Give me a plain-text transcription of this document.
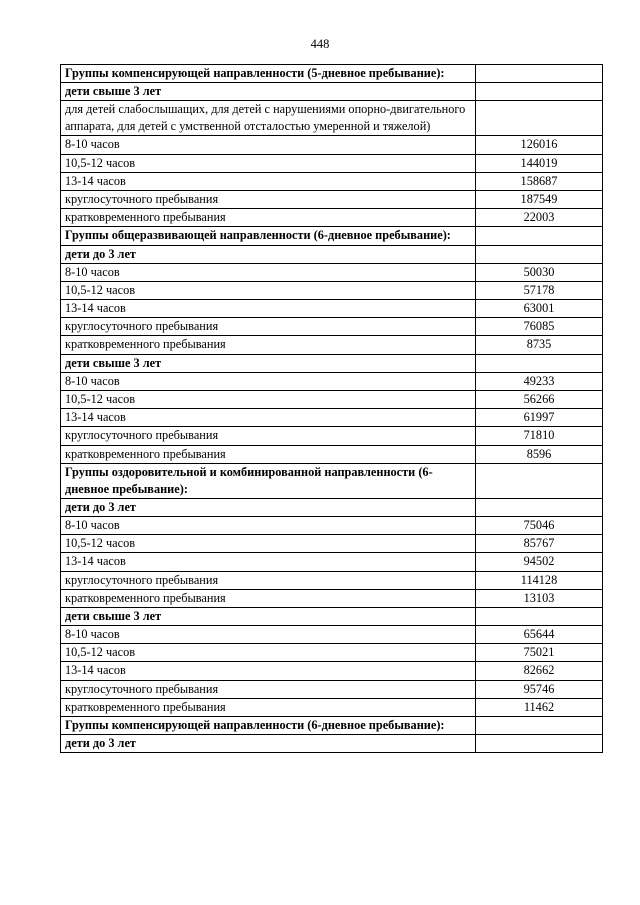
448
Группы компенсирующей направленности (5-дневное пребывание):	
дети свыше 3 лет	
для детей слабослышащих, для детей с нарушениями опорно-двигательного аппарата, для детей с умственной отсталостью умеренной и тяжелой)	
8-10 часов	126016
10,5-12 часов	144019
13-14 часов	158687
круглосуточного пребывания	187549
кратковременного пребывания	22003
Группы общеразвивающей направленности (6-дневное пребывание):	
дети до 3 лет	
8-10 часов	50030
10,5-12 часов	57178
13-14 часов	63001
круглосуточного пребывания	76085
кратковременного пребывания	8735
дети свыше 3 лет	
8-10 часов	49233
10,5-12 часов	56266
13-14 часов	61997
круглосуточного пребывания	71810
кратковременного пребывания	8596
Группы оздоровительной и комбинированной направленности (6-дневное пребывание):	
дети до 3 лет	
8-10 часов	75046
10,5-12 часов	85767
13-14 часов	94502
круглосуточного пребывания	114128
кратковременного пребывания	13103
дети свыше 3 лет	
8-10 часов	65644
10,5-12 часов	75021
13-14 часов	82662
круглосуточного пребывания	95746
кратковременного пребывания	11462
Группы компенсирующей направленности (6-дневное пребывание):	
дети до 3 лет	
